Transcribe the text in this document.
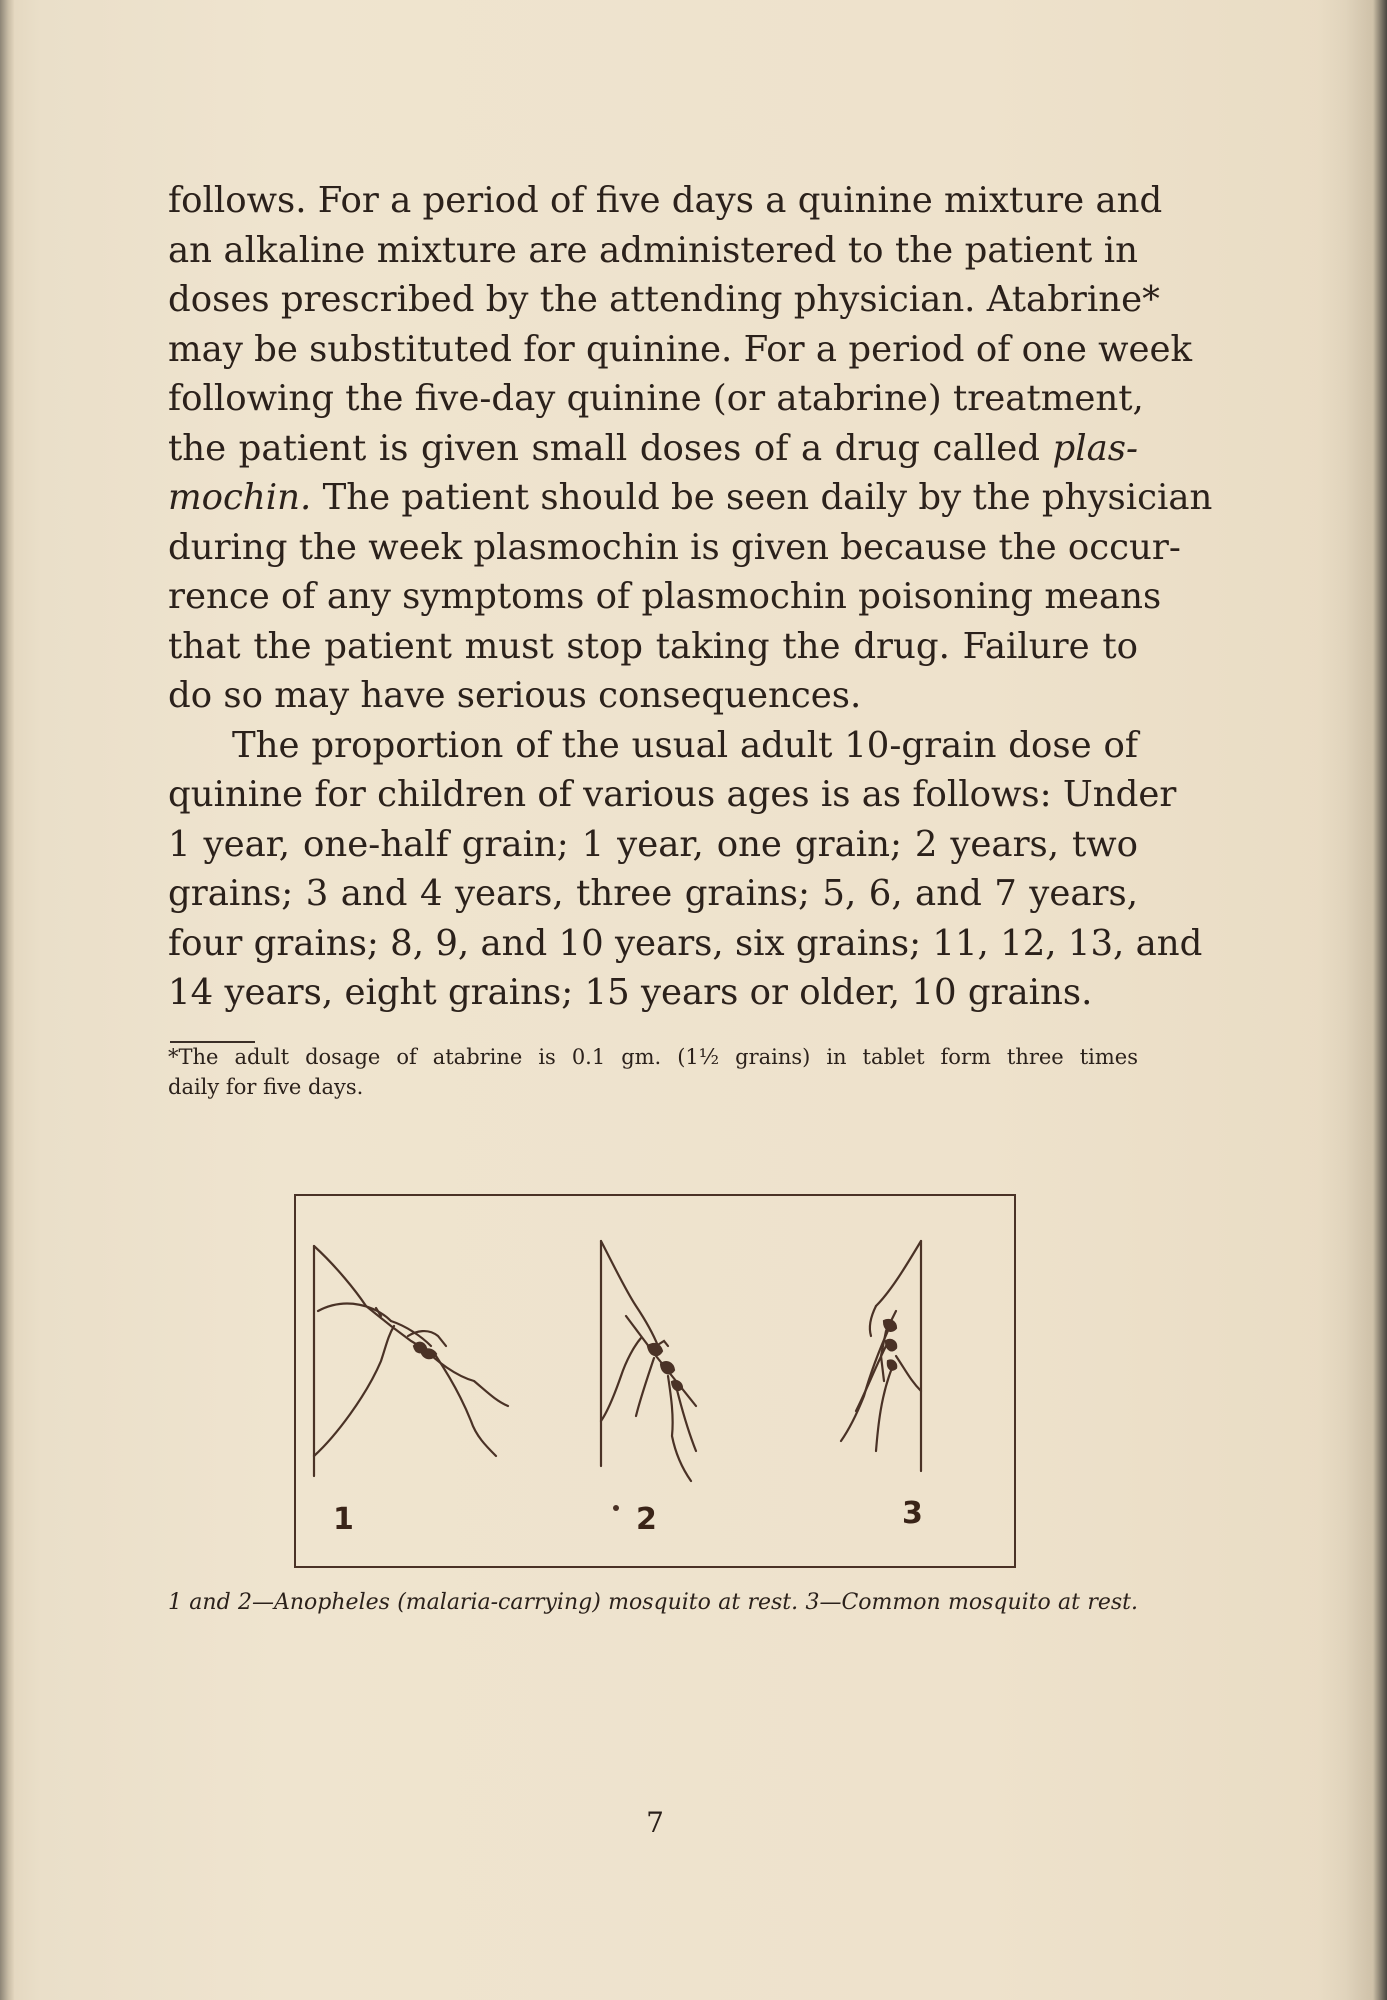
follows. For a period of five days a quinine mixture and
an alkaline mixture are administered to the patient in
doses prescribed by the attending physician. Atabrine*
may be substituted for quinine. For a period of one week
following the five-day quinine (or atabrine) treatment,
the patient is given small doses of a drug called plas-
mochin. The patient should be seen daily by the physician
during the week plasmochin is given because the occur-
rence of any symptoms of plasmochin poisoning means
that the patient must stop taking the drug. Failure to
do so may have serious consequences.
The proportion of the usual adult 10-grain dose of
quinine for children of various ages is as follows: Under
1 year, one-half grain; 1 year, one grain; 2 years, two
grains; 3 and 4 years, three grains; 5, 6, and 7 years,
four grains; 8, 9, and 10 years, six grains; 11, 12, 13, and
14 years, eight grains; 15 years or older, 10 grains.
*The adult dosage of atabrine is 0.1 gm. (1½ grains) in tablet form three times
daily for five days.
1	2	3
1 and 2—Anopheles (malaria-carrying) mosquito at rest. 3—Common mosquito at rest.
7
